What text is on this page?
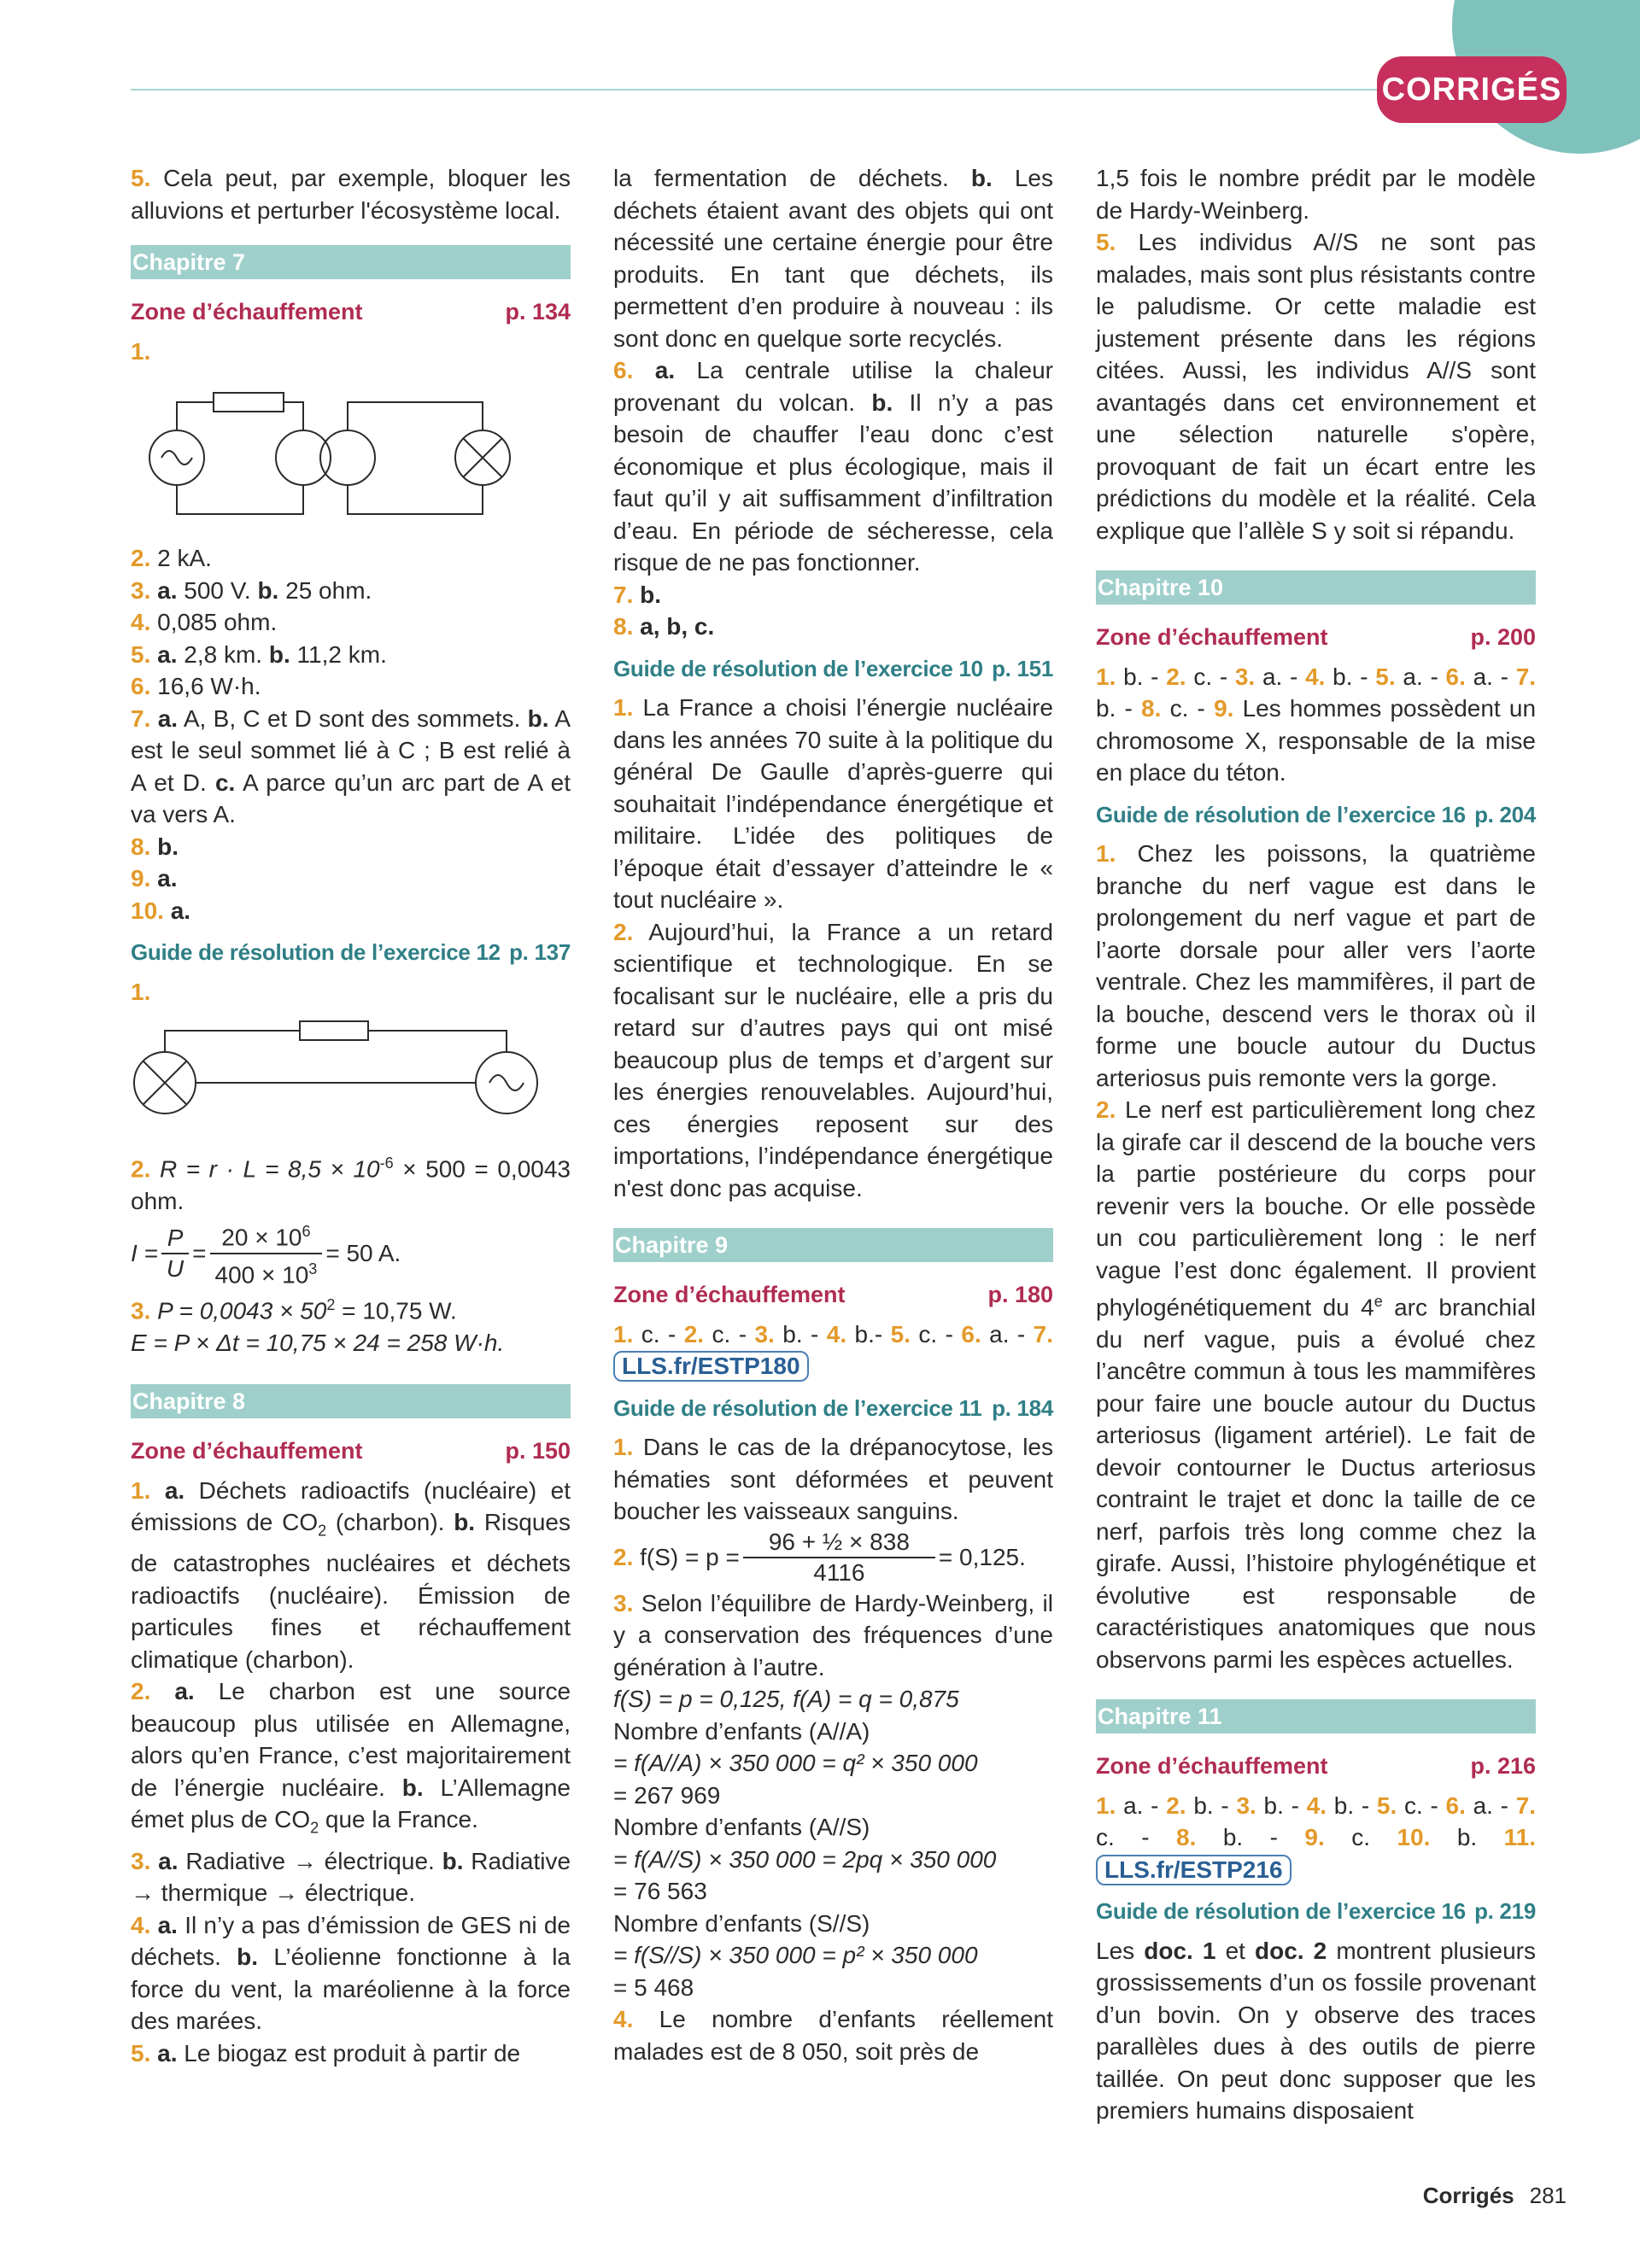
CORRIGÉS

5. Cela peut, par exemple, bloquer les alluvions et perturber l'écosystème local.

Chapitre 7
Zone d’échauffement	p. 134

1.

2. 2 kA.

3. a. 500 V. b. 25 ohm.

4. 0,085 ohm.

5. a. 2,8 km. b. 11,2 km.

6. 16,6 W·h.

7. a. A, B, C et D sont des sommets. b. A est le seul sommet lié à C ; B est relié à A et D. c. A parce qu’un arc part de A et va vers A.

8. b.

9. a.

10. a.

Guide de résolution de l’exercice 12 p. 137

1.

2. $R = r \cdot L = 8,5 \times 10^{-6} \times 500 = 0,0043$ ohm.

$I = \frac{P}{U} = \frac{20 \times 10^6}{400 \times 10^3} = 50$ A.

3. $P = 0,0043 \times 50^2 = 10,75$ W.

E = P × Δt = 10,75 × 24 = 258 W·h.

Chapitre 8
Zone d’échauffement	p. 150

1. a. Déchets radioactifs (nucléaire) et émissions de $CO_2$ (charbon). b. Risques de catastrophes nucléaires et déchets radioactifs (nucléaire). Émission de particules fines et réchauffement climatique (charbon).

2. a. Le charbon est une source beaucoup plus utilisée en Allemagne, alors qu’en France, c’est majoritairement de l’énergie nucléaire. b. L’Allemagne émet plus de $CO_2$ que la France.

3. a. Radiative → électrique. b. Radiative → thermique → électrique.

4. a. Il n’y a pas d’émission de GES ni de déchets. b. L’éolienne fonctionne à la force du vent, la maréolienne à la force des marées.

5. a. Le biogaz est produit à partir de

la fermentation de déchets. b. Les déchets étaient avant des objets qui ont nécessité une certaine énergie pour être produits. En tant que déchets, ils permettent d’en produire à nouveau : ils sont donc en quelque sorte recyclés.

6. a. La centrale utilise la chaleur provenant du volcan. b. Il n’y a pas besoin de chauffer l’eau donc c’est économique et plus écologique, mais il faut qu’il y ait suffisamment d’infiltration d’eau. En période de sécheresse, cela risque de ne pas fonctionner.

7. b.

8. a, b, c.

Guide de résolution de l’exercice 10 p. 151

1. La France a choisi l’énergie nucléaire dans les années 70 suite à la politique du général De Gaulle d’après-guerre qui souhaitait l’indépendance énergétique et militaire. L’idée des politiques de l’époque était d’essayer d’atteindre le « tout nucléaire ».

2. Aujourd’hui, la France a un retard scientifique et technologique. En se focalisant sur le nucléaire, elle a pris du retard sur d’autres pays qui ont misé beaucoup plus de temps et d’argent sur les énergies renouvelables. Aujourd’hui, ces énergies reposent sur des importations, l’indépendance énergétique n'est donc pas acquise.

Chapitre 9
Zone d’échauffement	p. 180

1. c. - 2. c. - 3. b. - 4. b.- 5. c. - 6. a. - 7. LLS.fr/ESTP180

Guide de résolution de l’exercice 11 p. 184

1. Dans le cas de la drépanocytose, les hématies sont déformées et peuvent boucher les vaisseaux sanguins.

2.
$f(S) = p = \frac{\text{96 + ½ × 838}}{4116} = 0,125$.

3. Selon l’équilibre de Hardy-Weinberg, il y a conservation des fréquences d’une génération à l’autre.

f(S) = p = 0,125, f(A) = q = 0,875

Nombre d’enfants (A//A)

= f(A//A) × 350 000 = q² × 350 000

= 267 969

Nombre d’enfants (A//S)

= f(A//S) × 350 000 = 2pq × 350 000

= 76 563

Nombre d’enfants (S//S)

= f(S//S) × 350 000 = p² × 350 000

= 5 468

4. Le nombre d’enfants réellement malades est de 8 050, soit près de

1,5 fois le nombre prédit par le modèle de Hardy-Weinberg.

5. Les individus A//S ne sont pas malades, mais sont plus résistants contre le paludisme. Or cette maladie est justement présente dans les régions citées. Aussi, les individus A//S sont avantagés dans cet environnement et une sélection naturelle s'opère, provoquant de fait un écart entre les prédictions du modèle et la réalité. Cela explique que l’allèle S y soit si répandu.

Chapitre 10
Zone d’échauffement	p. 200

1. b. - 2. c. - 3. a. - 4. b. - 5. a. - 6. a. - 7. b. - 8. c. - 9. Les hommes possèdent un chromosome X, responsable de la mise en place du téton.

Guide de résolution de l’exercice 16 p. 204

1. Chez les poissons, la quatrième branche du nerf vague est dans le prolongement du nerf vague et part de l’aorte dorsale pour aller vers l’aorte ventrale. Chez les mammifères, il part de la bouche, descend vers le thorax où il forme une boucle autour du Ductus arteriosus puis remonte vers la gorge.

2. Le nerf est particulièrement long chez la girafe car il descend de la bouche vers la partie postérieure du corps pour revenir vers la bouche. Or elle possède un cou particulièrement long : le nerf vague l’est donc également. Il provient phylogénétiquement du 4e arc branchial du nerf vague, puis a évolué chez l’ancêtre commun à tous les mammifères pour faire une boucle autour du Ductus arteriosus (ligament artériel). Le fait de devoir contourner le Ductus arteriosus contraint le trajet et donc la taille de ce nerf, parfois très long comme chez la girafe. Aussi, l’histoire phylogénétique et évolutive est responsable de caractéristiques anatomiques que nous observons parmi les espèces actuelles.

Chapitre 11
Zone d’échauffement	p. 216

1. a. - 2. b. - 3. b. - 4. b. - 5. c. - 6. a. - 7. c. - 8. b. - 9. c. 10. b. 11. LLS.fr/ESTP216

Guide de résolution de l’exercice 16 p. 219

Les doc. 1 et doc. 2 montrent plusieurs grossissements d’un os fossile provenant d’un bovin. On y observe des traces parallèles dues à des outils de pierre taillée. On peut donc supposer que les premiers humains disposaient

Corrigés 281
